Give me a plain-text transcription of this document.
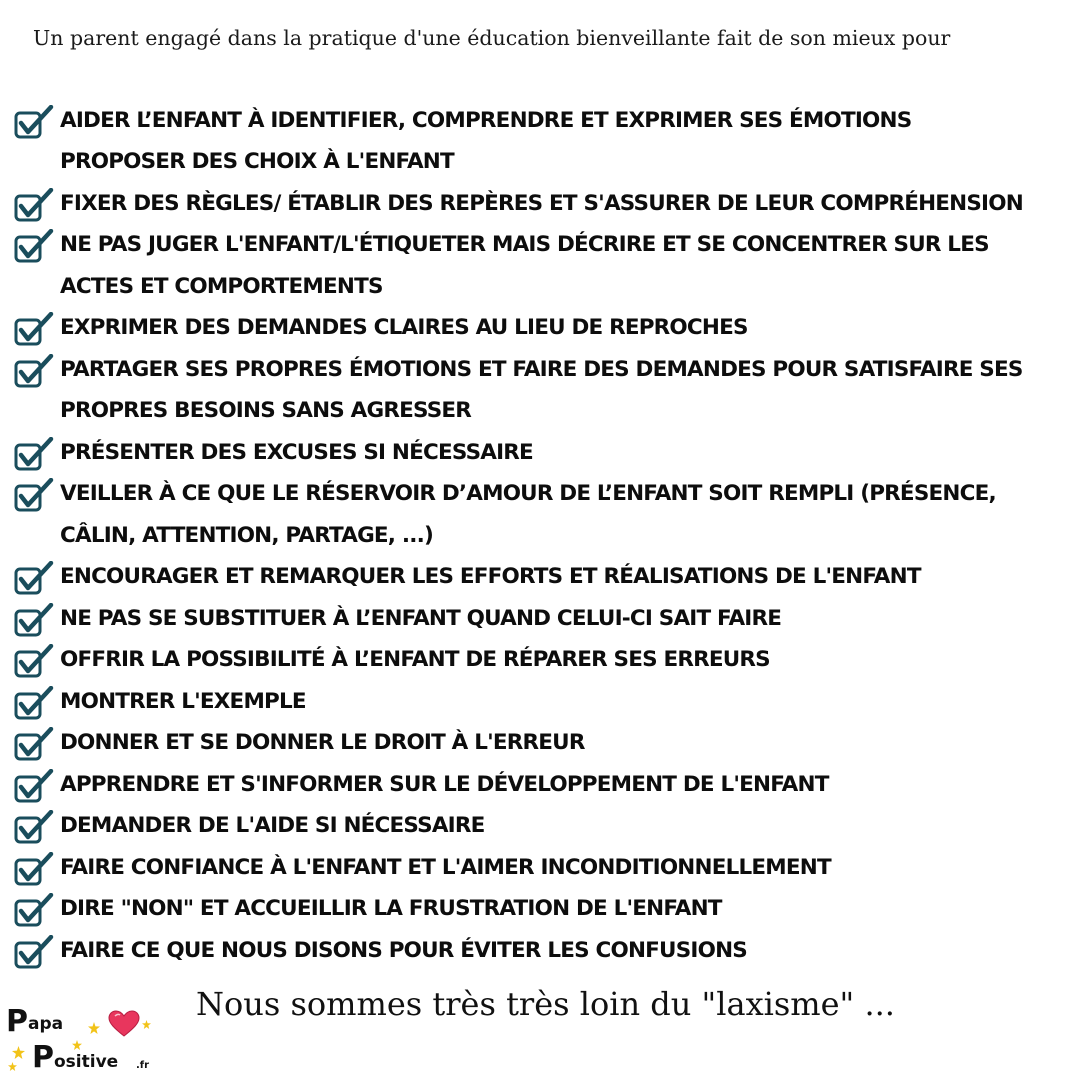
Un parent engagé dans la pratique d'une éducation bienveillante fait de son mieux pour
AIDER L’ENFANT À IDENTIFIER, COMPRENDRE ET EXPRIMER SES ÉMOTIONS
PROPOSER DES CHOIX À L'ENFANT
FIXER DES RÈGLES/ ÉTABLIR DES REPÈRES ET S'ASSURER DE LEUR COMPRÉHENSION
NE PAS JUGER L'ENFANT/L'ÉTIQUETER MAIS DÉCRIRE ET SE CONCENTRER SUR LES
ACTES ET COMPORTEMENTS
EXPRIMER DES DEMANDES CLAIRES AU LIEU DE REPROCHES
PARTAGER SES PROPRES ÉMOTIONS ET FAIRE DES DEMANDES POUR SATISFAIRE SES
PROPRES BESOINS SANS AGRESSER
PRÉSENTER DES EXCUSES SI NÉCESSAIRE
VEILLER À CE QUE LE RÉSERVOIR D’AMOUR DE L’ENFANT SOIT REMPLI (PRÉSENCE,
CÂLIN, ATTENTION, PARTAGE, ...)
ENCOURAGER ET REMARQUER LES EFFORTS ET RÉALISATIONS DE L'ENFANT
NE PAS SE SUBSTITUER À L’ENFANT QUAND CELUI-CI SAIT FAIRE
OFFRIR LA POSSIBILITÉ À L’ENFANT DE RÉPARER SES ERREURS
MONTRER L'EXEMPLE
DONNER ET SE DONNER LE DROIT À L'ERREUR
APPRENDRE ET S'INFORMER SUR LE DÉVELOPPEMENT DE L'ENFANT
DEMANDER DE L'AIDE SI NÉCESSAIRE
FAIRE CONFIANCE À L'ENFANT ET L'AIMER INCONDITIONNELLEMENT
DIRE "NON" ET ACCUEILLIR LA FRUSTRATION DE L'ENFANT
FAIRE CE QUE NOUS DISONS POUR ÉVITER LES CONFUSIONS
Nous sommes très très loin du "laxisme" ...
P apa
P ositive .fr
